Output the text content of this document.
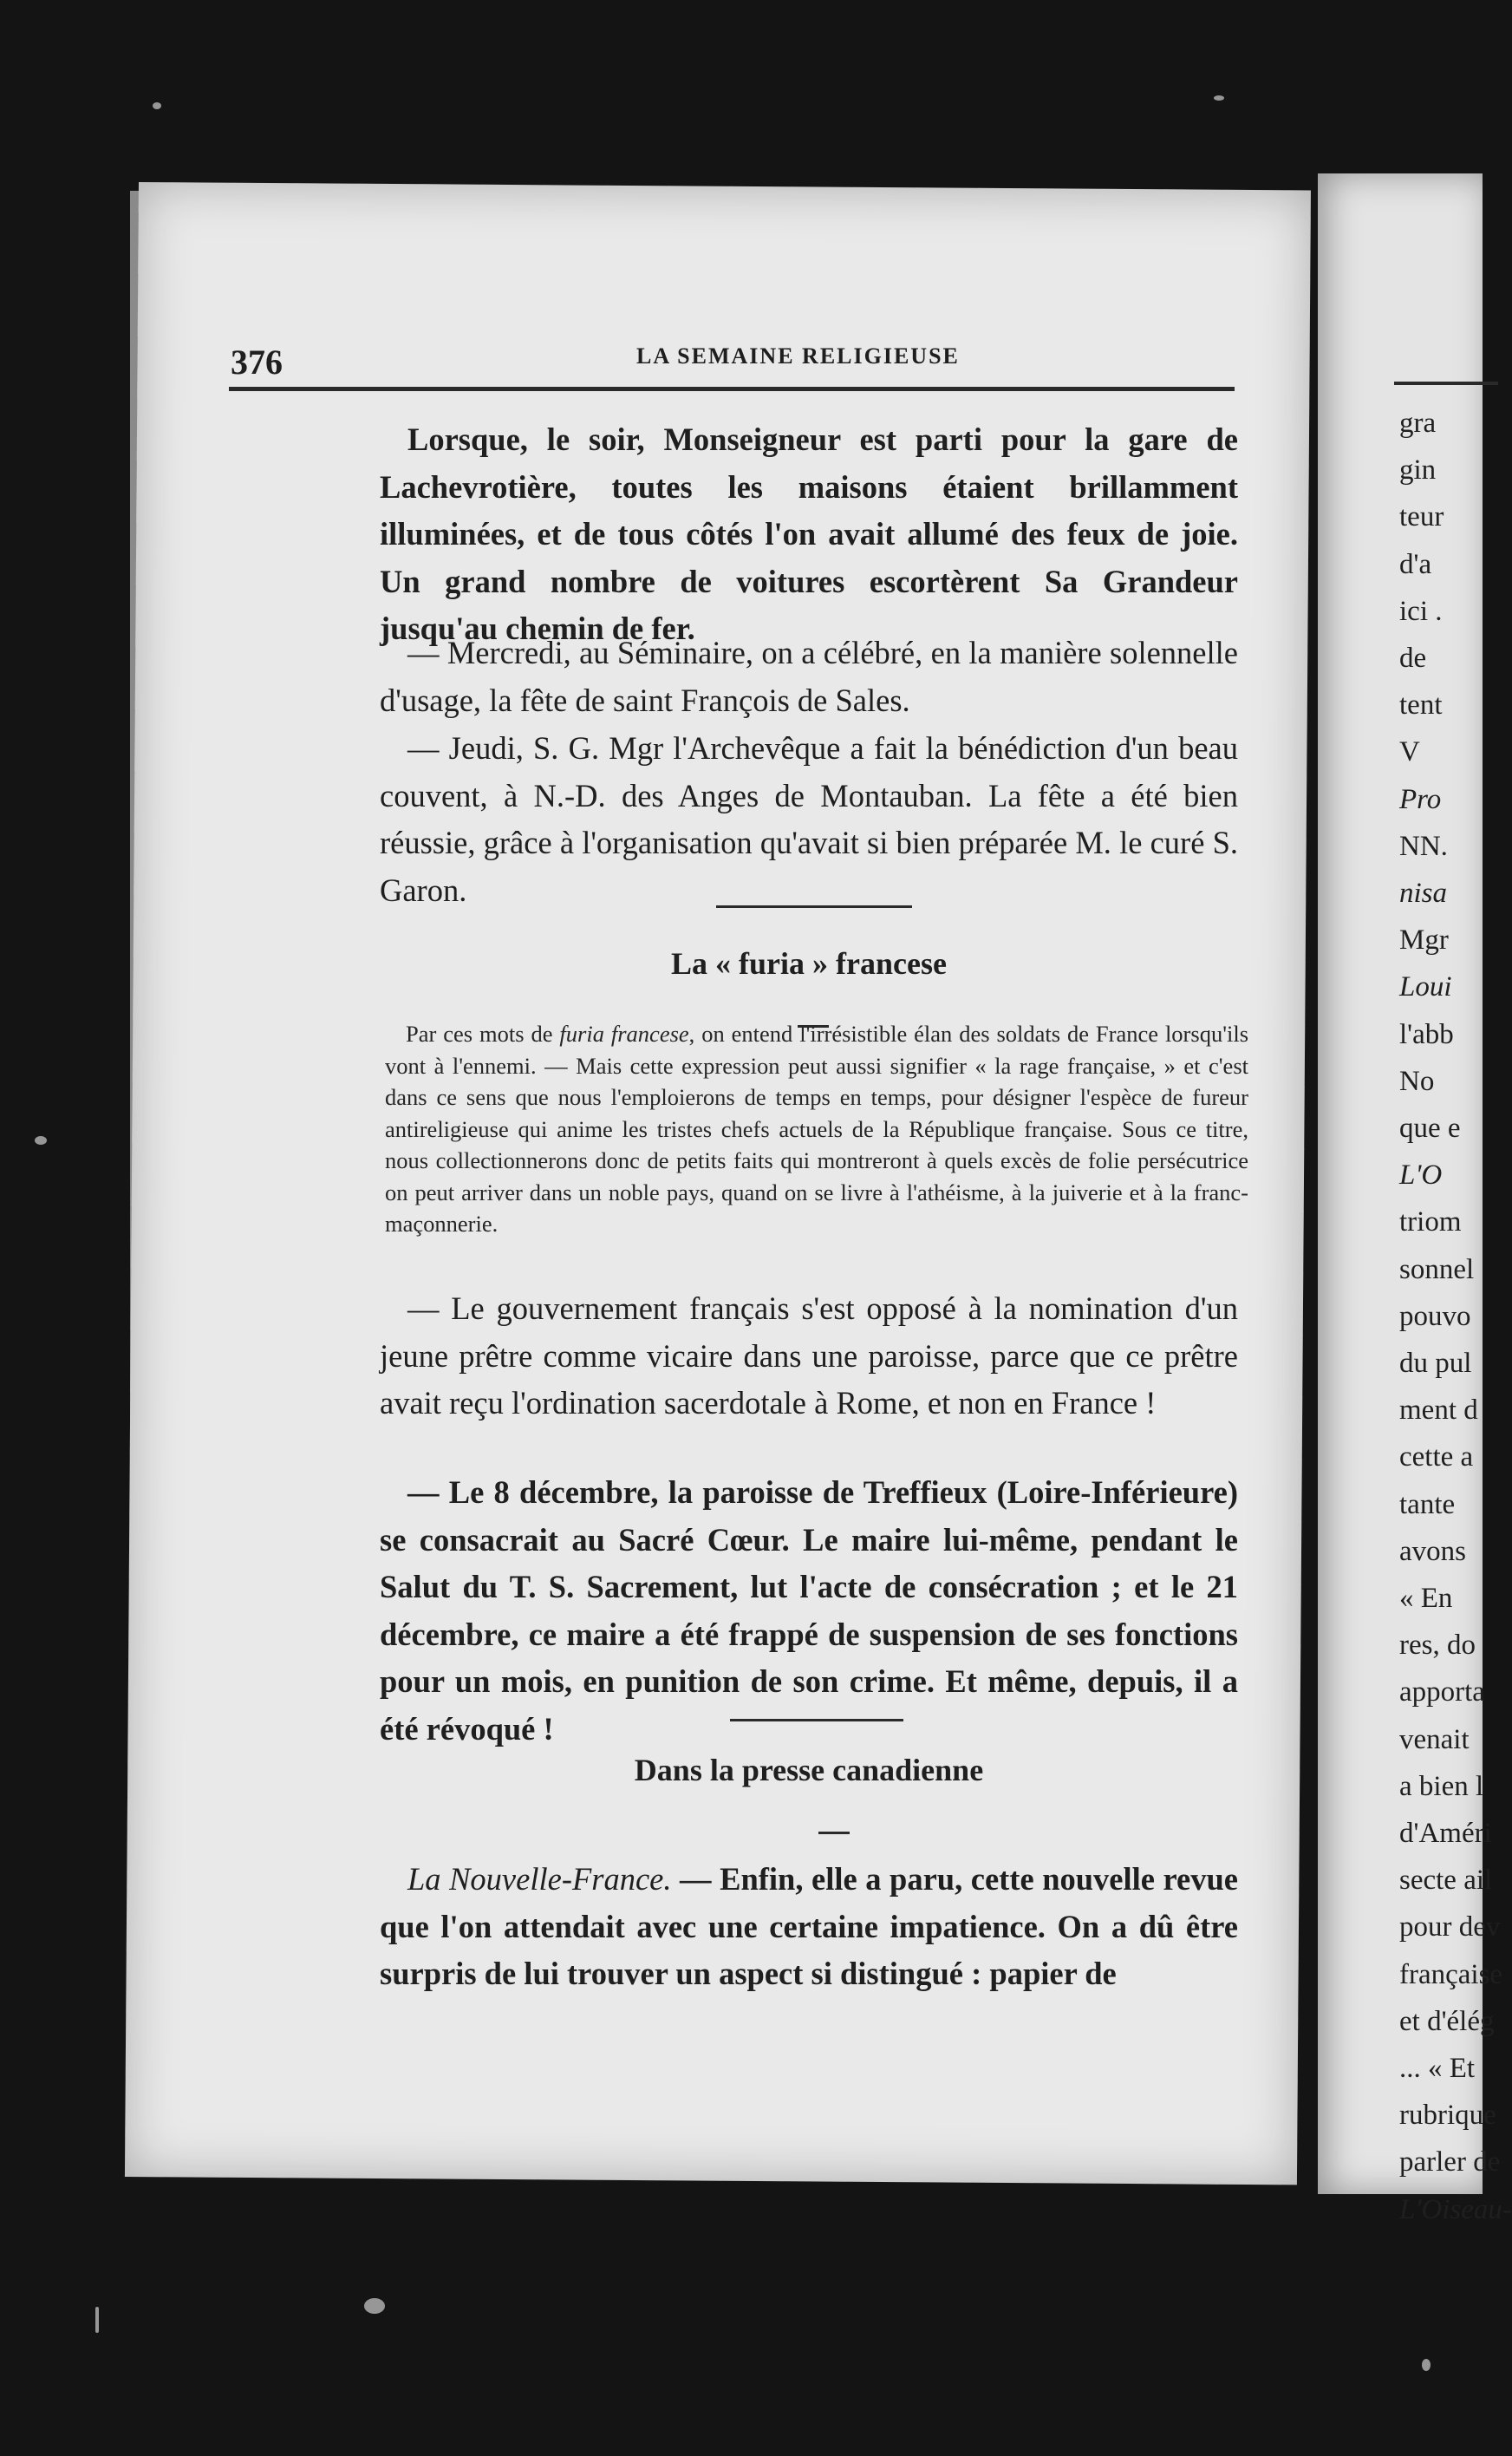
376	LA SEMAINE RELIGIEUSE
Lorsque, le soir, Monseigneur est parti pour la gare de Lachevrotière, toutes les maisons étaient brillamment illuminées, et de tous côtés l'on avait allumé des feux de joie. Un grand nombre de voitures escortèrent Sa Grandeur jusqu'au chemin de fer.
— Mercredi, au Séminaire, on a célébré, en la manière solennelle d'usage, la fête de saint François de Sales.
— Jeudi, S. G. Mgr l'Archevêque a fait la bénédiction d'un beau couvent, à N.-D. des Anges de Montauban. La fête a été bien réussie, grâce à l'organisation qu'avait si bien préparée M. le curé S. Garon.
La « furia » francese
Par ces mots de furia francese, on entend l'irrésistible élan des soldats de France lorsqu'ils vont à l'ennemi. — Mais cette expression peut aussi signifier « la rage française, » et c'est dans ce sens que nous l'emploierons de temps en temps, pour désigner l'espèce de fureur antireligieuse qui anime les tristes chefs actuels de la République française. Sous ce titre, nous collectionnerons donc de petits faits qui montreront à quels excès de folie persécutrice on peut arriver dans un noble pays, quand on se livre à l'athéisme, à la juiverie et à la franc-maçonnerie.
— Le gouvernement français s'est opposé à la nomination d'un jeune prêtre comme vicaire dans une paroisse, parce que ce prêtre avait reçu l'ordination sacerdotale à Rome, et non en France !
— Le 8 décembre, la paroisse de Treffieux (Loire-Inférieure) se consacrait au Sacré Cœur. Le maire lui-même, pendant le Salut du T. S. Sacrement, lut l'acte de consécration ; et le 21 décembre, ce maire a été frappé de suspension de ses fonctions pour un mois, en punition de son crime. Et même, depuis, il a été révoqué !
Dans la presse canadienne
La Nouvelle-France. — Enfin, elle a paru, cette nouvelle revue que l'on attendait avec une certaine impatience. On a dû être surpris de lui trouver un aspect si distingué : papier de
gra
gin
teur
d'a
ici .
de
tent
V
Pro
NN.
nisa
Mgr
Loui
l'abb
No
que e
L'O
triom
sonnel
pouvo
du pul
ment d
cette a
tante
avons
« En
res, do
apporta
venait
a bien l
d'Améri
secte ail
pour dev
française
et d'élég
... « Et
rubrique
parler de
L'Oiseau-
